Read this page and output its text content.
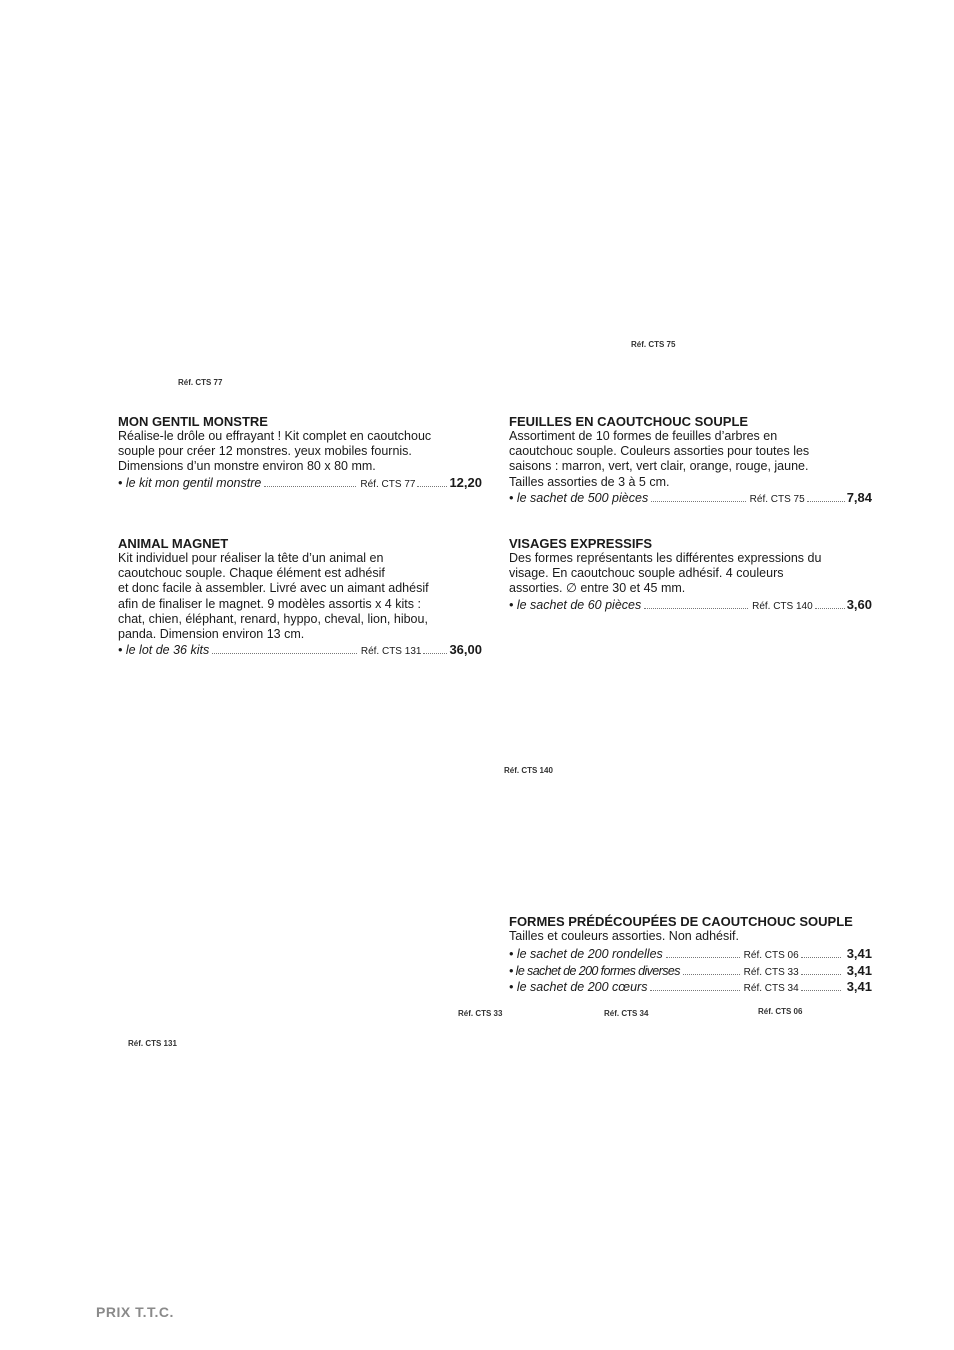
Réf. CTS 77
Réf. CTS 75
Réf. CTS 140
Réf. CTS 33	Réf. CTS 34	Réf. CTS 06
Réf. CTS 131
MON GENTIL MONSTRE

Réalise-le drôle ou effrayant ! Kit complet en caoutchouc

souple pour créer 12 monstres. yeux mobiles fournis.

Dimensions d’un monstre environ 80 x 80 mm.

• le kit mon gentil monstre	Réf. CTS 77	12,20
FEUILLES EN CAOUTCHOUC SOUPLE

Assortiment de 10 formes de feuilles d’arbres en

caoutchouc souple. Couleurs assorties pour toutes les

saisons : marron, vert, vert clair, orange, rouge, jaune.

Tailles assorties de 3 à 5 cm.

• le sachet de 500 pièces	Réf. CTS 75	7,84
ANIMAL MAGNET

Kit individuel pour réaliser la tête d’un animal en

caoutchouc souple. Chaque élément est adhésif

et donc facile à assembler. Livré avec un aimant adhésif

afin de finaliser le magnet. 9 modèles assortis x 4 kits :

chat, chien, éléphant, renard, hyppo, cheval, lion, hibou,

panda. Dimension environ 13 cm.

• le lot de 36 kits	Réf. CTS 131 36,00
VISAGES EXPRESSIFS

Des formes représentants les différentes expressions du

visage. En caoutchouc souple adhésif. 4 couleurs

assorties. ∅ entre 30 et 45 mm.

• le sachet de 60 pièces	Réf. CTS 140	3,60
FORMES PRÉDÉCOUPÉES DE CAOUTCHOUC SOUPLE

Tailles et couleurs assorties. Non adhésif.

• le sachet de 200 rondelles	Réf. CTS 06	3,41
• le sachet de 200 formes diverses	Réf. CTS 33	3,41
• le sachet de 200 cœurs	Réf. CTS 34	3,41
PRIX T.T.C.
